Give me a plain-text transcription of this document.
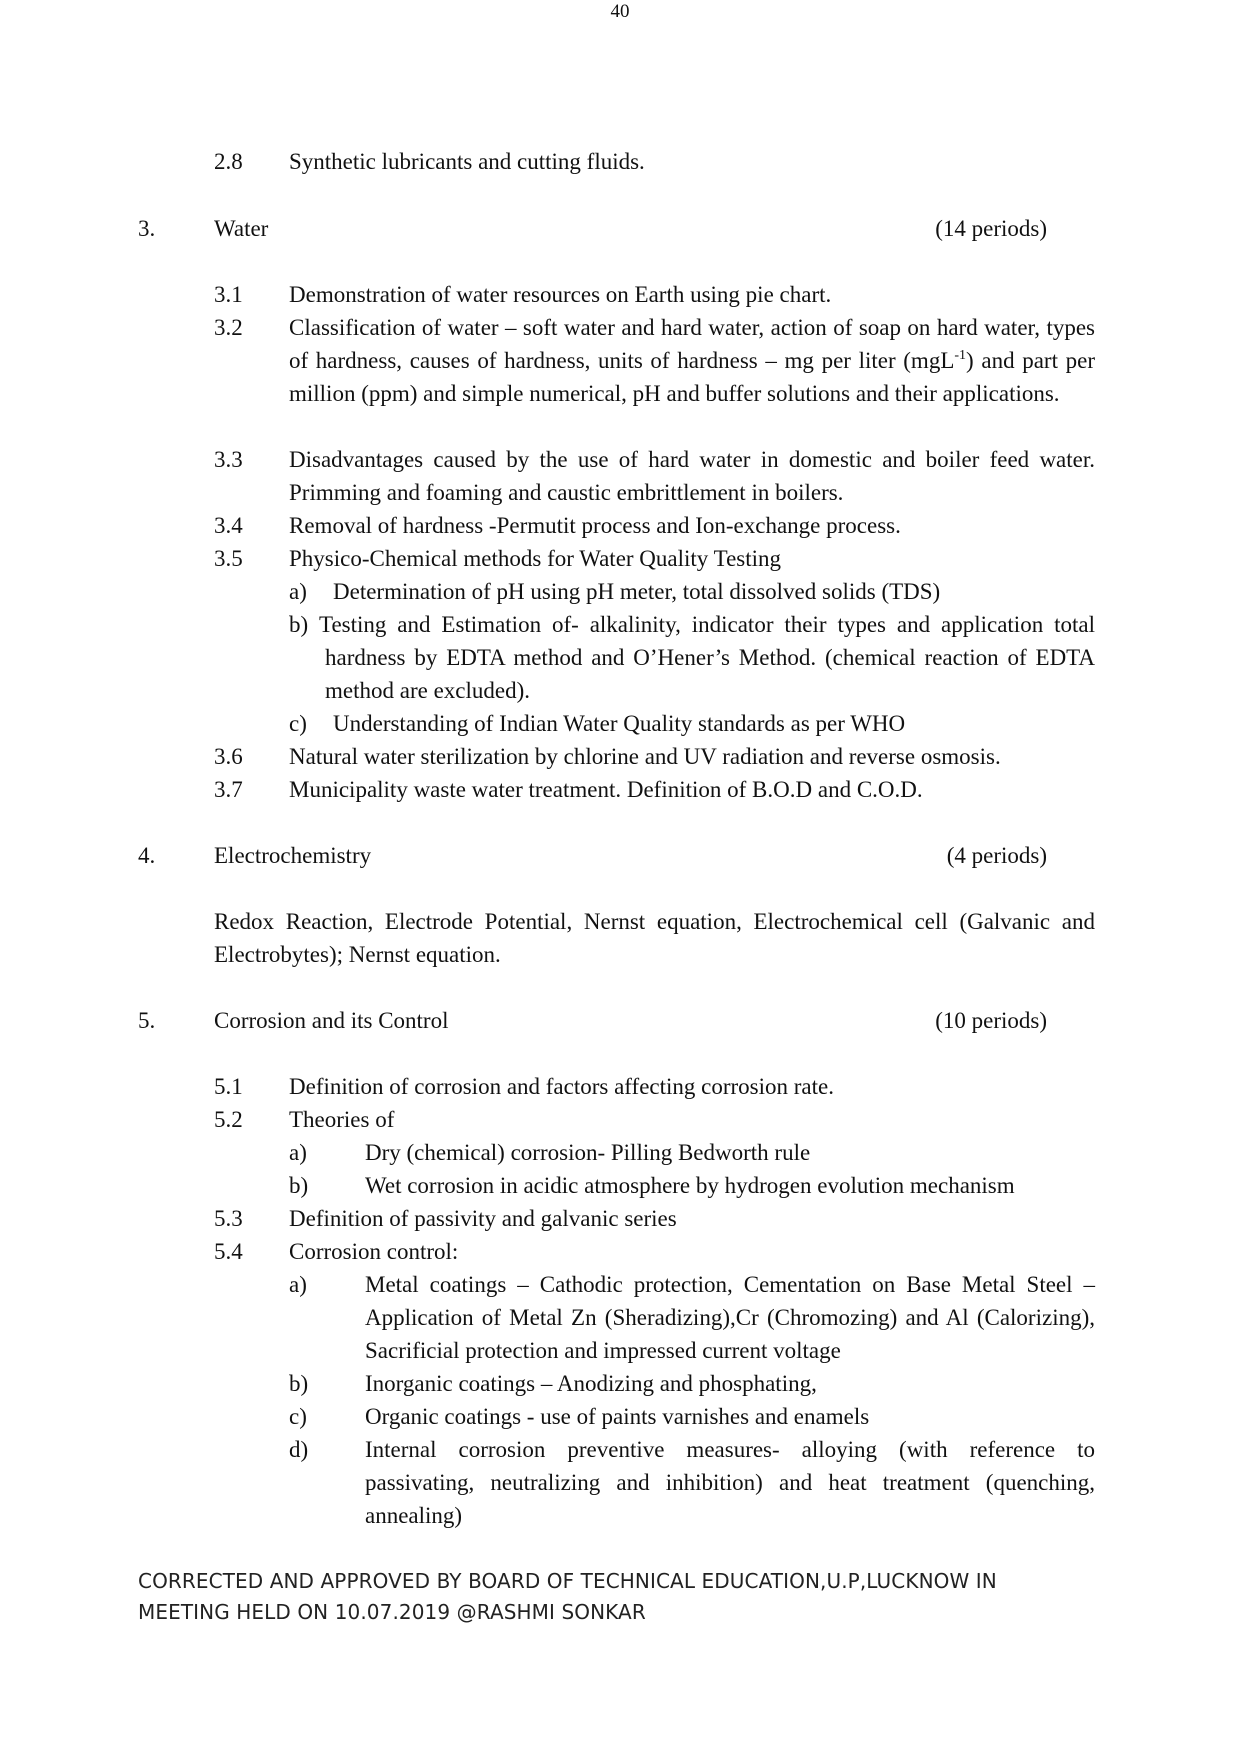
40
2.8 Synthetic lubricants and cutting fluids.
3.	Water	(14 periods)
3.1 Demonstration of water resources on Earth using pie chart.
3.2 Classification of water – soft water and hard water, action of soap on hard water, types of hardness, causes of hardness, units of hardness – mg per liter (mgL$^{-1}$) and part per million (ppm) and simple numerical, pH and buffer solutions and their applications.
3.3 Disadvantages caused by the use of hard water in domestic and boiler feed water. Primming and foaming and caustic embrittlement in boilers.
3.4 Removal of hardness -Permutit process and Ion-exchange process.
3.5 Physico-Chemical methods for Water Quality Testing
a) Determination of pH using pH meter, total dissolved solids (TDS)
b) Testing and Estimation of- alkalinity, indicator their types and application total hardness by EDTA method and O’Hener’s Method. (chemical reaction of EDTA method are excluded).
c) Understanding of Indian Water Quality standards as per WHO
3.6 Natural water sterilization by chlorine and UV radiation and reverse osmosis.
3.7 Municipality waste water treatment. Definition of B.O.D and C.O.D.
4.	Electrochemistry	(4 periods)
Redox Reaction, Electrode Potential, Nernst equation, Electrochemical cell (Galvanic and Electrobytes); Nernst equation.
5.	Corrosion and its Control	(10 periods)
5.1 Definition of corrosion and factors affecting corrosion rate.
5.2 Theories of
a)	Dry (chemical) corrosion- Pilling Bedworth rule
b) Wet corrosion in acidic atmosphere by hydrogen evolution mechanism
5.3 Definition of passivity and galvanic series
5.4 Corrosion control:
a)	Metal coatings – Cathodic protection, Cementation on Base Metal Steel –Application of Metal Zn (Sheradizing),Cr (Chromozing) and Al (Calorizing), Sacrificial protection and impressed current voltage
b) Inorganic coatings – Anodizing and phosphating,
c)	Organic coatings - use of paints varnishes and enamels
d) Internal corrosion preventive measures- alloying (with reference to passivating, neutralizing and inhibition) and heat treatment (quenching, annealing)
CORRECTED AND APPROVED BY BOARD OF TECHNICAL EDUCATION,U.P,LUCKNOW IN
MEETING HELD ON 10.07.2019 @RASHMI SONKAR
